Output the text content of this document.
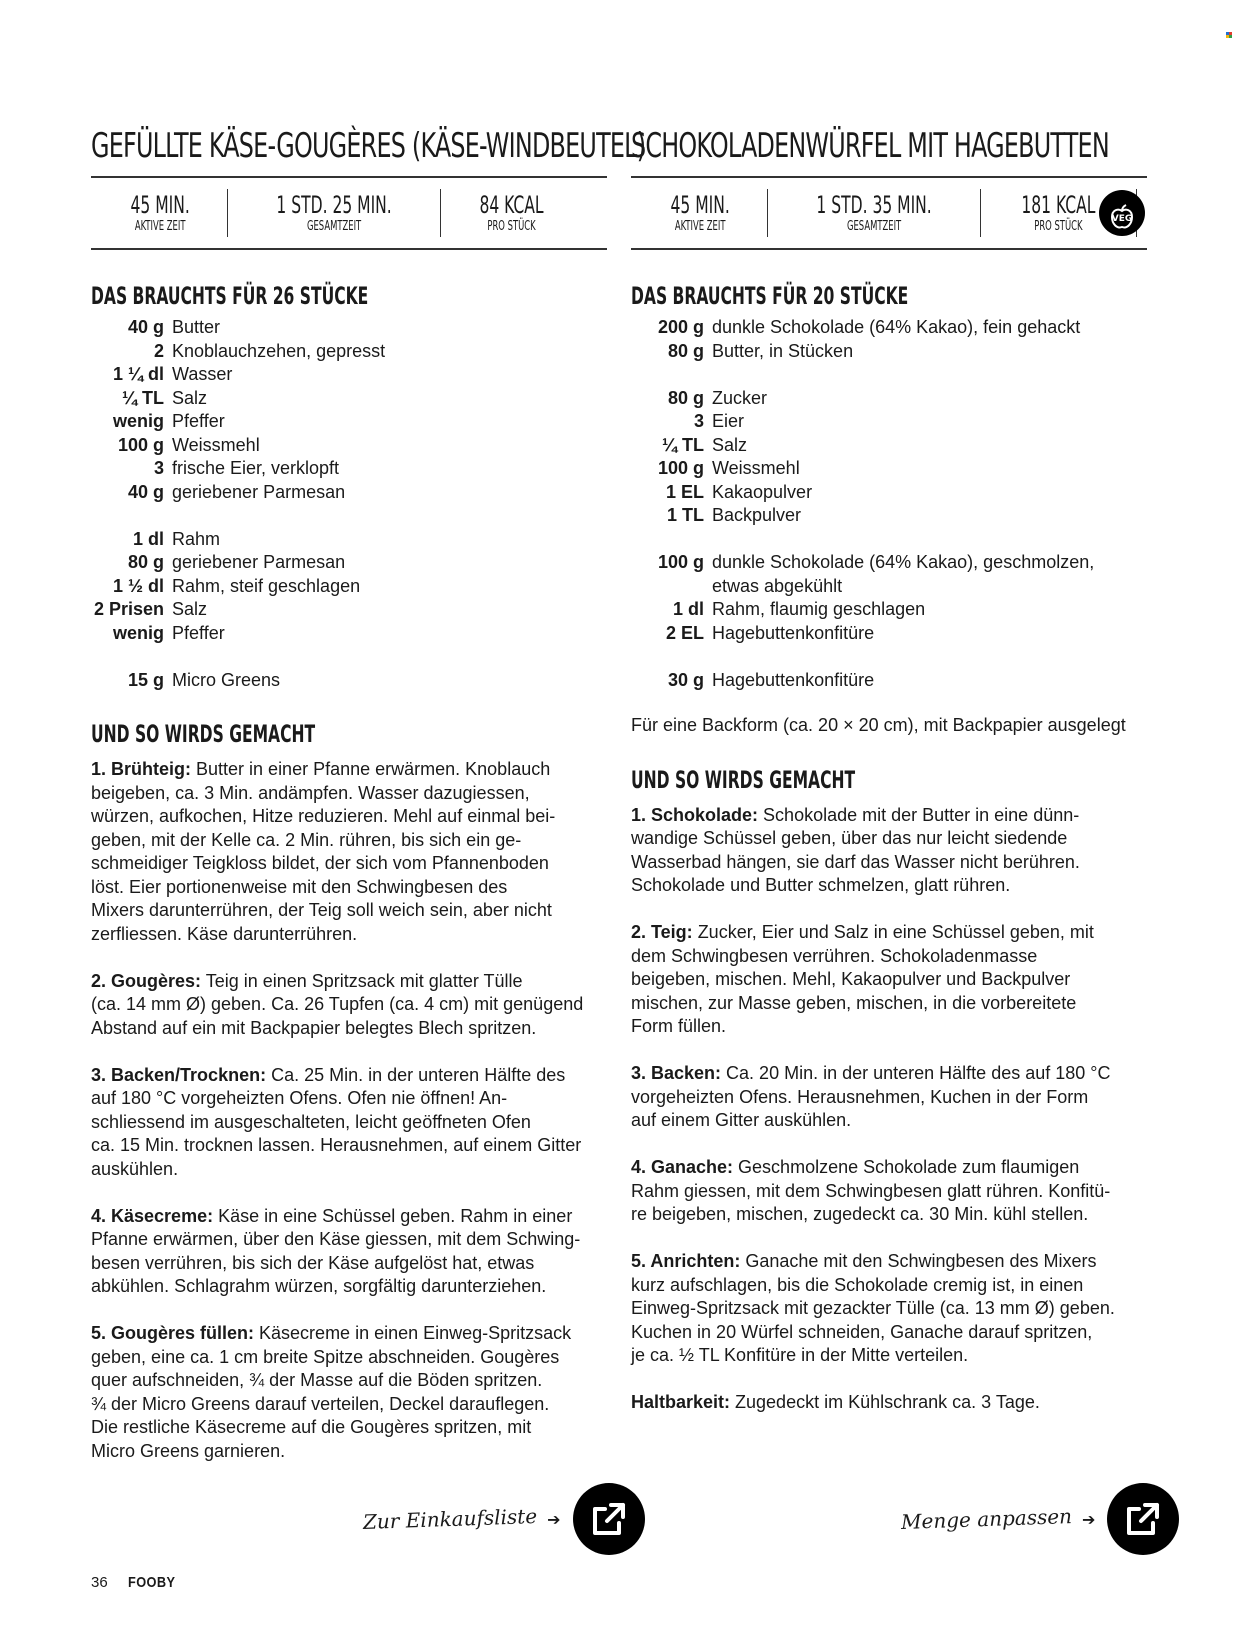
GEFÜLLTE KÄSE-GOUGÈRES (KÄSE-WINDBEUTEL)
45 MIN.
AKTIVE ZEIT
1 STD. 25 MIN.
GESAMTZEIT
84 KCAL
PRO STÜCK
DAS BRAUCHTS FÜR 26 STÜCKE
40 g Butter
2 Knoblauchzehen, gepresst
1 ¼ dl Wasser
¼ TL Salz
wenig Pfeffer
100 g Weissmehl
3 frische Eier, verklopft
40 g geriebener Parmesan
1 dl Rahm
80 g geriebener Parmesan
1 ½ dl Rahm, steif geschlagen
2 Prisen Salz
wenig Pfeffer
15 g Micro Greens
UND SO WIRDS GEMACHT

1. Brühteig: Butter in einer Pfanne erwärmen. Knoblauch
beigeben, ca. 3 Min. andämpfen. Wasser dazugiessen,
würzen, aufkochen, Hitze reduzieren. Mehl auf einmal bei-
geben, mit der Kelle ca. 2 Min. rühren, bis sich ein ge-
schmeidiger Teigkloss bildet, der sich vom Pfannenboden
löst. Eier portionenweise mit den Schwingbesen des
Mixers darunterrühren, der Teig soll weich sein, aber nicht
zerfliessen. Käse darunterrühren.

2. Gougères: Teig in einen Spritzsack mit glatter Tülle
(ca. 14 mm Ø) geben. Ca. 26 Tupfen (ca. 4 cm) mit genügend
Abstand auf ein mit Backpapier belegtes Blech spritzen.

3. Backen/Trocknen: Ca. 25 Min. in der unteren Hälfte des
auf 180 °C vorgeheizten Ofens. Ofen nie öffnen! An-
schliessend im ausgeschalteten, leicht geöffneten Ofen
ca. 15 Min. trocknen lassen. Herausnehmen, auf einem Gitter
auskühlen.

4. Käsecreme: Käse in eine Schüssel geben. Rahm in einer
Pfanne erwärmen, über den Käse giessen, mit dem Schwing-
besen verrühren, bis sich der Käse aufgelöst hat, etwas
abkühlen. Schlagrahm würzen, sorgfältig darunterziehen.

5. Gougères füllen: Käsecreme in einen Einweg-Spritzsack
geben, eine ca. 1 cm breite Spitze abschneiden. Gougères
quer aufschneiden, ¾ der Masse auf die Böden spritzen.
¾ der Micro Greens darauf verteilen, Deckel darauflegen.
Die restliche Käsecreme auf die Gougères spritzen, mit
Micro Greens garnieren.

SCHOKOLADENWÜRFEL MIT HAGEBUTTEN
45 MIN.
AKTIVE ZEIT
1 STD. 35 MIN.
GESAMTZEIT
181 KCAL
PRO STÜCK
VEG
DAS BRAUCHTS FÜR 20 STÜCKE
200 g dunkle Schokolade (64% Kakao), fein gehackt
80 g Butter, in Stücken
80 g Zucker
3 Eier
¼ TL Salz
100 g Weissmehl
1 EL Kakaopulver
1 TL Backpulver
100 g dunkle Schokolade (64% Kakao), geschmolzen,
etwas abgekühlt
1 dl Rahm, flaumig geschlagen
2 EL Hagebuttenkonfitüre
30 g Hagebuttenkonfitüre

Für eine Backform (ca. 20 × 20 cm), mit Backpapier ausgelegt

UND SO WIRDS GEMACHT

1. Schokolade: Schokolade mit der Butter in eine dünn-
wandige Schüssel geben, über das nur leicht siedende
Wasserbad hängen, sie darf das Wasser nicht berühren.
Schokolade und Butter schmelzen, glatt rühren.

2. Teig: Zucker, Eier und Salz in eine Schüssel geben, mit
dem Schwingbesen verrühren. Schokoladenmasse
beigeben, mischen. Mehl, Kakaopulver und Backpulver
mischen, zur Masse geben, mischen, in die vorbereitete
Form füllen.

3. Backen: Ca. 20 Min. in der unteren Hälfte des auf 180 °C
vorgeheizten Ofens. Herausnehmen, Kuchen in der Form
auf einem Gitter auskühlen.

4. Ganache: Geschmolzene Schokolade zum flaumigen
Rahm giessen, mit dem Schwingbesen glatt rühren. Konfitü-
re beigeben, mischen, zugedeckt ca. 30 Min. kühl stellen.

5. Anrichten: Ganache mit den Schwingbesen des Mixers
kurz aufschlagen, bis die Schokolade cremig ist, in einen
Einweg-Spritzsack mit gezackter Tülle (ca. 13 mm Ø) geben.
Kuchen in 20 Würfel schneiden, Ganache darauf spritzen,
je ca. ½ TL Konfitüre in der Mitte verteilen.

Haltbarkeit: Zugedeckt im Kühlschrank ca. 3 Tage.

Zur Einkaufsliste ➔	Menge anpassen ➔
36 FOOBY
